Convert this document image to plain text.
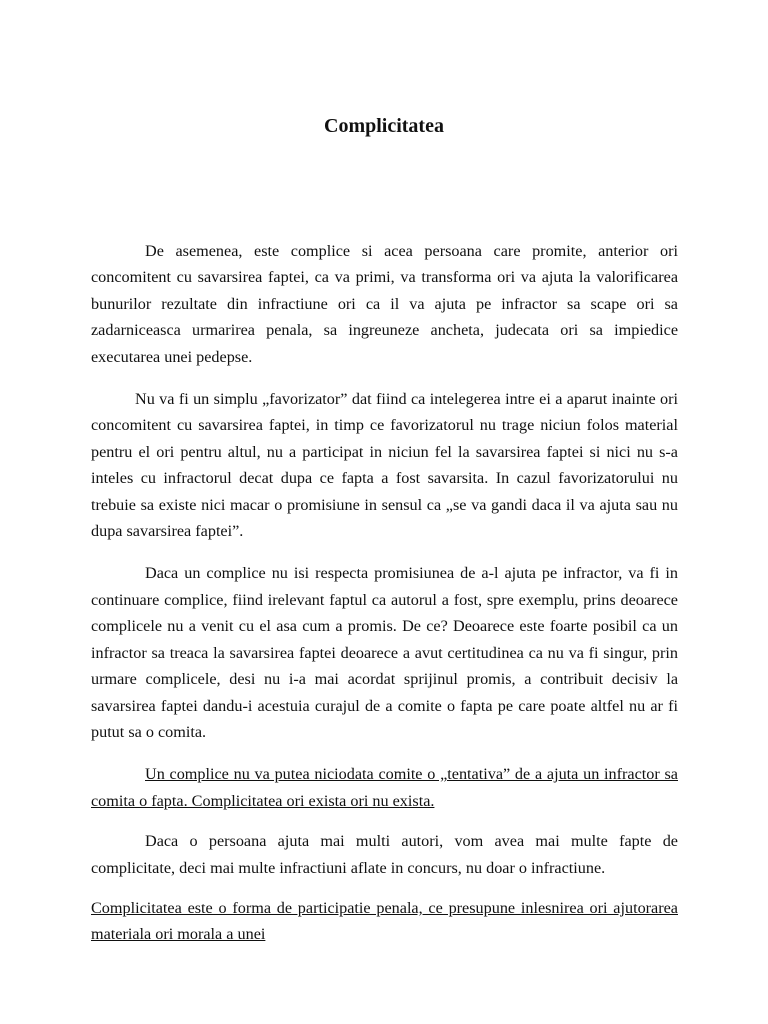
Complicitatea

De asemenea, este complice si acea persoana care promite, anterior ori concomitent cu savarsirea faptei, ca va primi, va transforma ori va ajuta la valorificarea bunurilor rezultate din infractiune ori ca il va ajuta pe infractor sa scape ori sa zadarniceasca urmarirea penala, sa ingreuneze ancheta, judecata ori sa impiedice executarea unei pedepse.

Nu va fi un simplu „favorizator” dat fiind ca intelegerea intre ei a aparut inainte ori concomitent cu savarsirea faptei, in timp ce favorizatorul nu trage niciun folos material pentru el ori pentru altul, nu a participat in niciun fel la savarsirea faptei si nici nu s-a inteles cu infractorul decat dupa ce fapta a fost savarsita. In cazul favorizatorului nu trebuie sa existe nici macar o promisiune in sensul ca „se va gandi daca il va ajuta sau nu dupa savarsirea faptei”.

Daca un complice nu isi respecta promisiunea de a-l ajuta pe infractor, va fi in continuare complice, fiind irelevant faptul ca autorul a fost, spre exemplu, prins deoarece complicele nu a venit cu el asa cum a promis. De ce? Deoarece este foarte posibil ca un infractor sa treaca la savarsirea faptei deoarece a avut certitudinea ca nu va fi singur, prin urmare complicele, desi nu i-a mai acordat sprijinul promis, a contribuit decisiv la savarsirea faptei dandu-i acestuia curajul de a comite o fapta pe care poate altfel nu ar fi putut sa o comita.

Un complice nu va putea niciodata comite o „tentativa” de a ajuta un infractor sa comita o fapta. Complicitatea ori exista ori nu exista.

Daca o persoana ajuta mai multi autori, vom avea mai multe fapte de complicitate, deci mai multe infractiuni aflate in concurs, nu doar o infractiune.

Complicitatea este o forma de participatie penala, ce presupune inlesnirea ori ajutorarea materiala ori morala a unei
